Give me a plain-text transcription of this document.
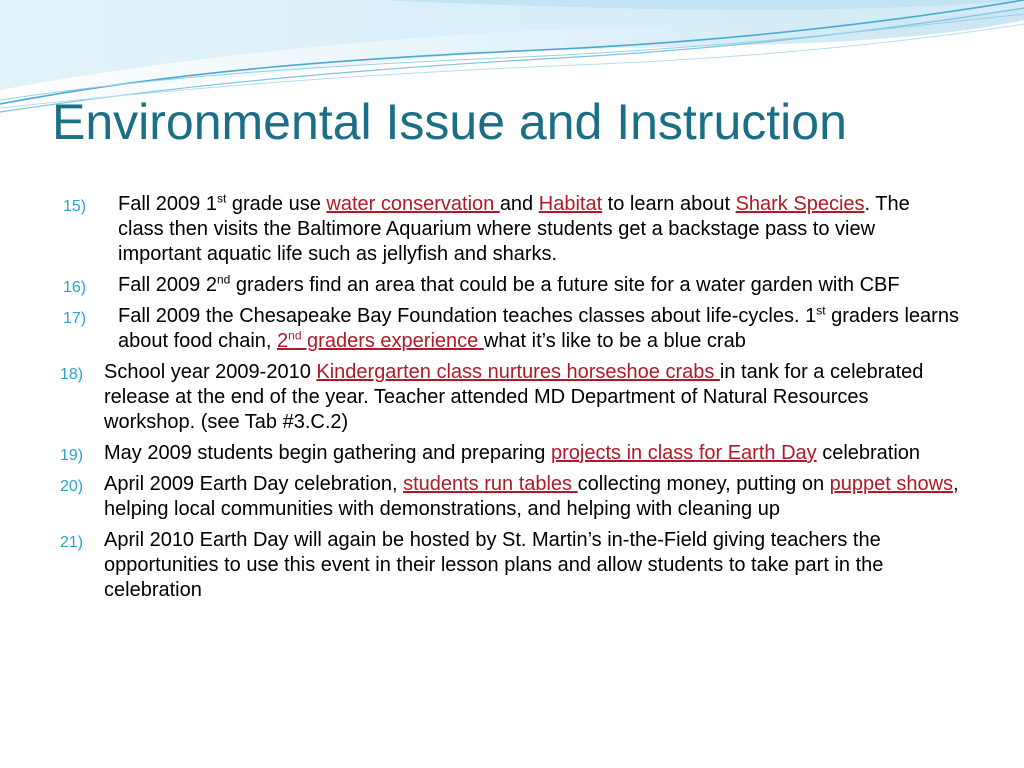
Environmental Issue and Instruction
15) Fall 2009 1st grade use water conservation and Habitat to learn about Shark Species. The class then visits the Baltimore Aquarium where students get a backstage pass to view important aquatic life such as jellyfish and sharks.
16) Fall 2009 2nd graders find an area that could be a future site for a water garden with CBF
17) Fall 2009 the Chesapeake Bay Foundation teaches classes about life-cycles. 1st graders learns about food chain, 2nd graders experience what it’s like to be a blue crab
18) School year 2009-2010 Kindergarten class nurtures horseshoe crabs in tank for a celebrated release at the end of the year. Teacher attended MD Department of Natural Resources workshop. (see Tab #3.C.2)
19) May 2009 students begin gathering and preparing projects in class for Earth Day celebration
20) April 2009 Earth Day celebration, students run tables collecting money, putting on puppet shows, helping local communities with demonstrations, and helping with cleaning up
21) April 2010 Earth Day will again be hosted by St. Martin’s in-the-Field giving teachers the opportunities to use this event in their lesson plans and allow students to take part in the celebration
